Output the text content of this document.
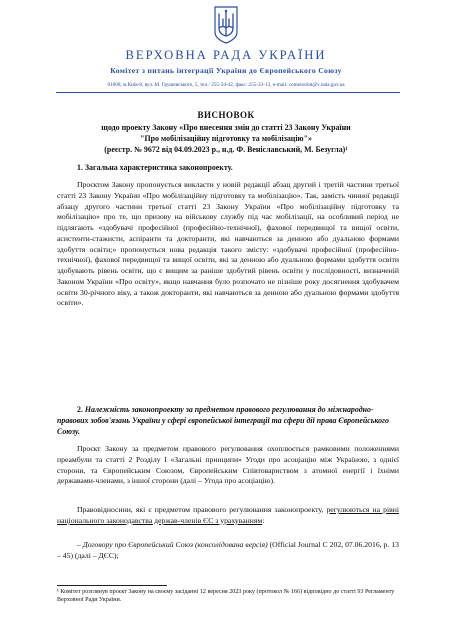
ВЕРХОВНА РАДА УКРАЇНИ
Комітет з питань інтеграції України до Європейського Союзу
01008, м.Київ-8, вул. М. Грушевського, 5, тел.: 255-34-42, факс: 255-33-13, e-mail: comeuroint@v.rada.gov.ua
ВИСНОВОК
щодо проекту Закону «Про внесення змін до статті 23 Закону України
"Про мобілізаційну підготовку та мобілізацію"»
(реєстр. № 9672 від 04.09.2023 р., н.д. Ф. Веніславський, М. Безугла)¹
1. Загальна характеристика законопроекту.
Проєктом Закону пропонується викласти у новій редакції абзац другий і третій частини третьої статті 23 Закону України «Про мобілізаційну підготовку та мобілізацію». Так, замість чинної редакції абзацу другого частини третьої статті 23 Закону України «Про мобілізаційну підготовку та мобілізацію» про те, що призову на військову службу під час мобілізації, на особливий період не підлягають «здобувачі професійної (професійно-технічної), фахової передвищої та вищої освіти, асистенти-стажисти, аспіранти та докторанти, які навчаються за денною або дуальною формами здобуття освіти;» пропонується нова редакція такого змісту: «здобувачі професійної (професійно-технічної), фахової передвищої та вищої освіти, які за денною або дуальною формами здобуття освіти здобувають рівень освіти, що є вищим за раніше здобутий рівень освіти у послідовності, визначеній Законом України «Про освіту», якщо навчання було розпочато не пізніше року досягнення здобувачем освіти 30-річного віку, а також докторанти, які навчаються за денною або дуальною формами здобуття освіти».
2. Належність законопроекту за предметом правового регулювання до міжнародно-правових зобов'язань України у сфері європейської інтеграції та сфери дії права Європейського Союзу.
Проєкт Закону за предметом правового регулювання охоплюється рамковими положеннями преамбули та статті 2 Розділу I «Загальні принципи» Угоди про асоціацію між Україною, з однієї сторони, та Європейським Союзом, Європейським Співтовариством з атомної енергії і їхніми державами-членами, з іншої сторони (далі – Угода про асоціацію).
Правовідносини, які є предметом правового регулювання законопроекту, регулюються на рівні національного законодавства держав-членів ЄС з урахуванням:
– Договору про Європейський Союз (консолідована версія) (Official Journal C 202, 07.06.2016, p. 13 – 45) (далі – ДЄС);
¹ Комітет розглянув проєкт Закону на своєму засіданні 12 вересня 2023 року (протокол № 166) відповідно до статті 93 Регламенту Верховної Ради України.
